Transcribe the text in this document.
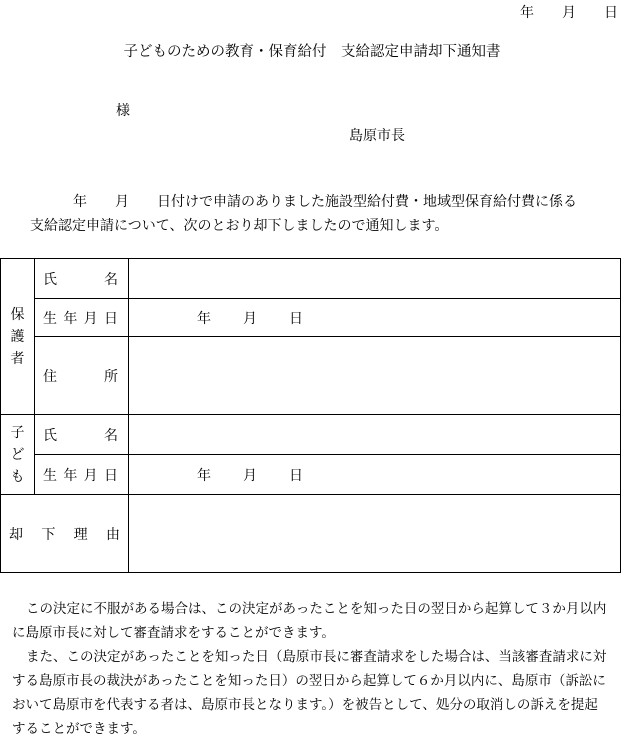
年 月 日
子どものための教育・保育給付　支給認定申請却下通知書
様
島原市長
年　　月　　日付けで申請のありました施設型給付費・地域型保育給付費に係る
支給認定申請について、次のとおり却下しましたので通知します。
保
護
者	氏 名	

	生 年 月 日	年 月 日

	住 所	

子
ど
も	氏 名	

	生 年 月 日	年 月 日

却 下 理 由		

この決定に不服がある場合は、この決定があったことを知った日の翌日から起算して３か月以内
に島原市長に対して審査請求をすることができます。

また、この決定があったことを知った日（島原市長に審査請求をした場合は、当該審査請求に対
する島原市長の裁決があったことを知った日）の翌日から起算して６か月以内に、島原市（訴訟に
おいて島原市を代表する者は、島原市長となります。）を被告として、処分の取消しの訴えを提起
することができます。
